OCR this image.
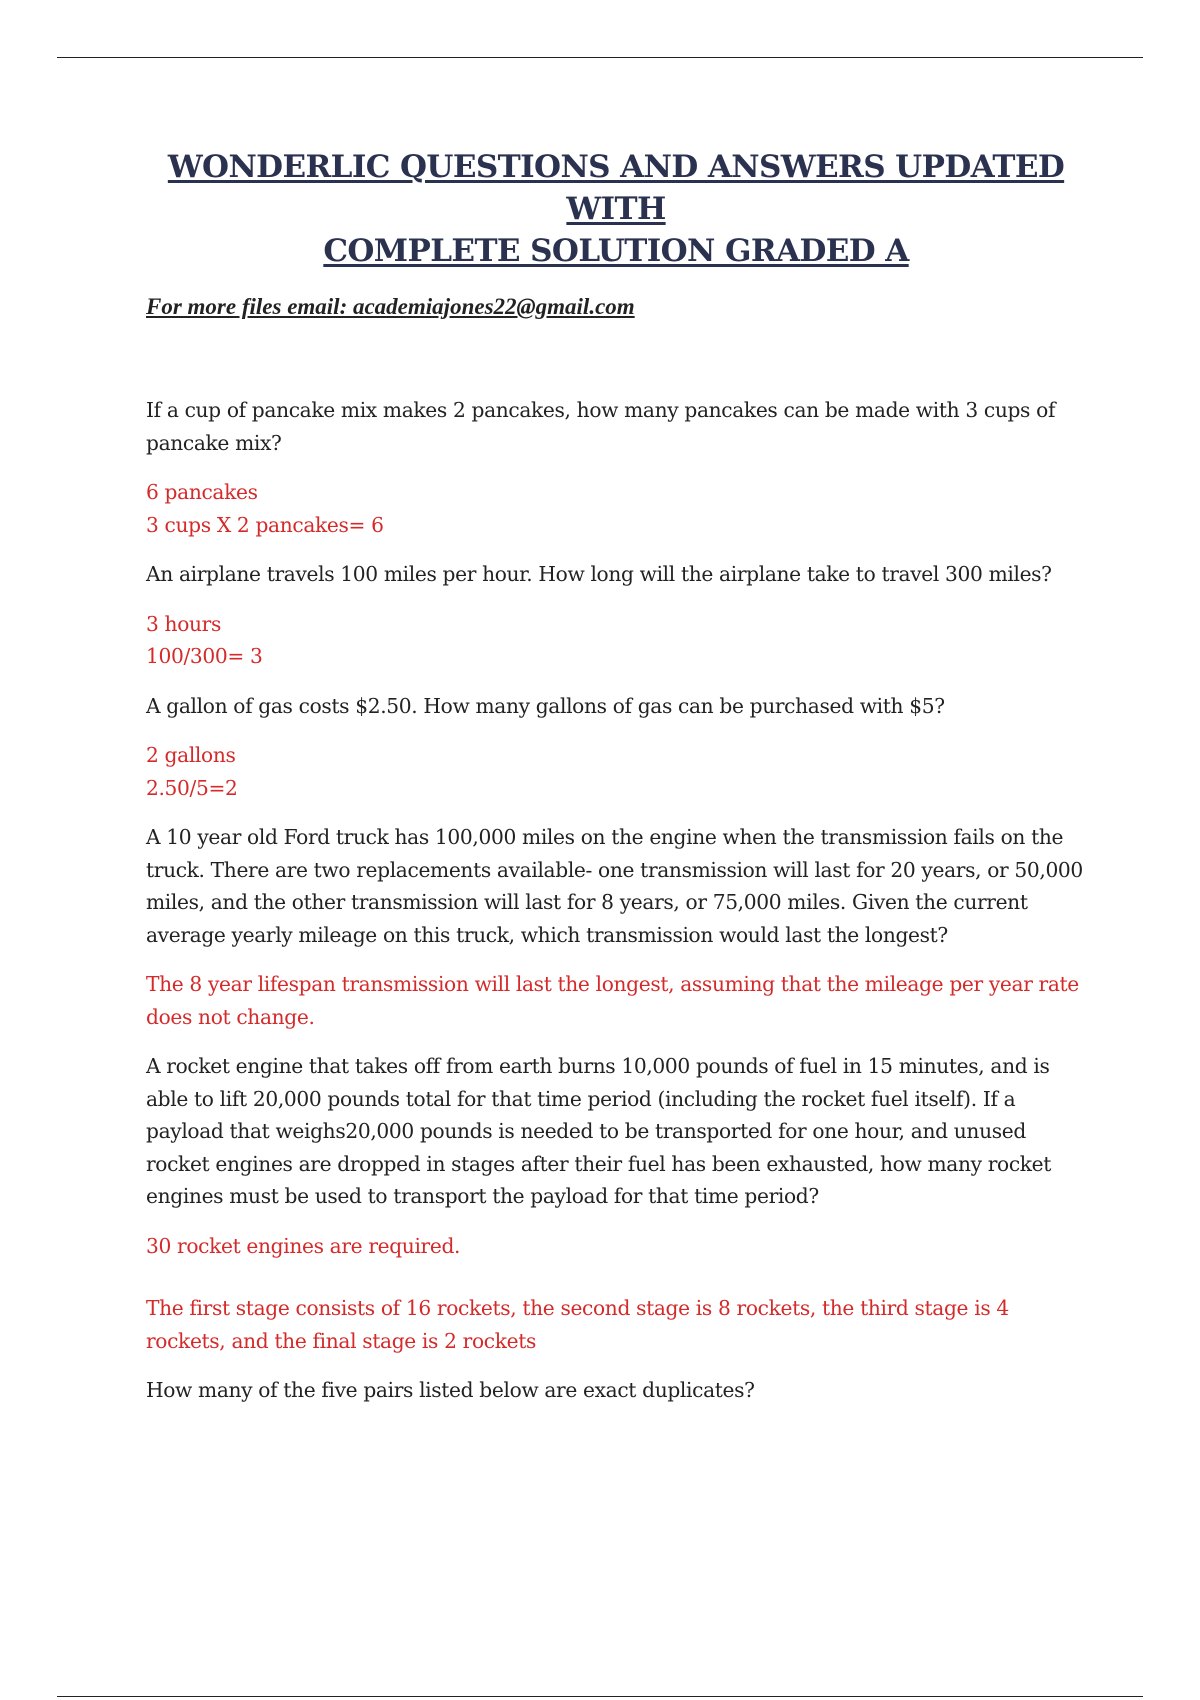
WONDERLIC QUESTIONS AND ANSWERS UPDATED WITH
COMPLETE SOLUTION GRADED A

For more files email: academiajones22@gmail.com

If a cup of pancake mix makes 2 pancakes, how many pancakes can be made with 3 cups of pancake mix?

6 pancakes
3 cups X 2 pancakes= 6

An airplane travels 100 miles per hour. How long will the airplane take to travel 300 miles?

3 hours
100/300= 3

A gallon of gas costs $2.50. How many gallons of gas can be purchased with $5?

2 gallons
2.50/5=2

A 10 year old Ford truck has 100,000 miles on the engine when the transmission fails on the truck. There are two replacements available- one transmission will last for 20 years, or 50,000 miles, and the other transmission will last for 8 years, or 75,000 miles. Given the current average yearly mileage on this truck, which transmission would last the longest?

The 8 year lifespan transmission will last the longest, assuming that the mileage per year rate does not change.

A rocket engine that takes off from earth burns 10,000 pounds of fuel in 15 minutes, and is able to lift 20,000 pounds total for that time period (including the rocket fuel itself). If a payload that weighs20,000 pounds is needed to be transported for one hour, and unused rocket engines are dropped in stages after their fuel has been exhausted, how many rocket engines must be used to transport the payload for that time period?

30 rocket engines are required.

The first stage consists of 16 rockets, the second stage is 8 rockets, the third stage is 4 rockets, and the final stage is 2 rockets

How many of the five pairs listed below are exact duplicates?
